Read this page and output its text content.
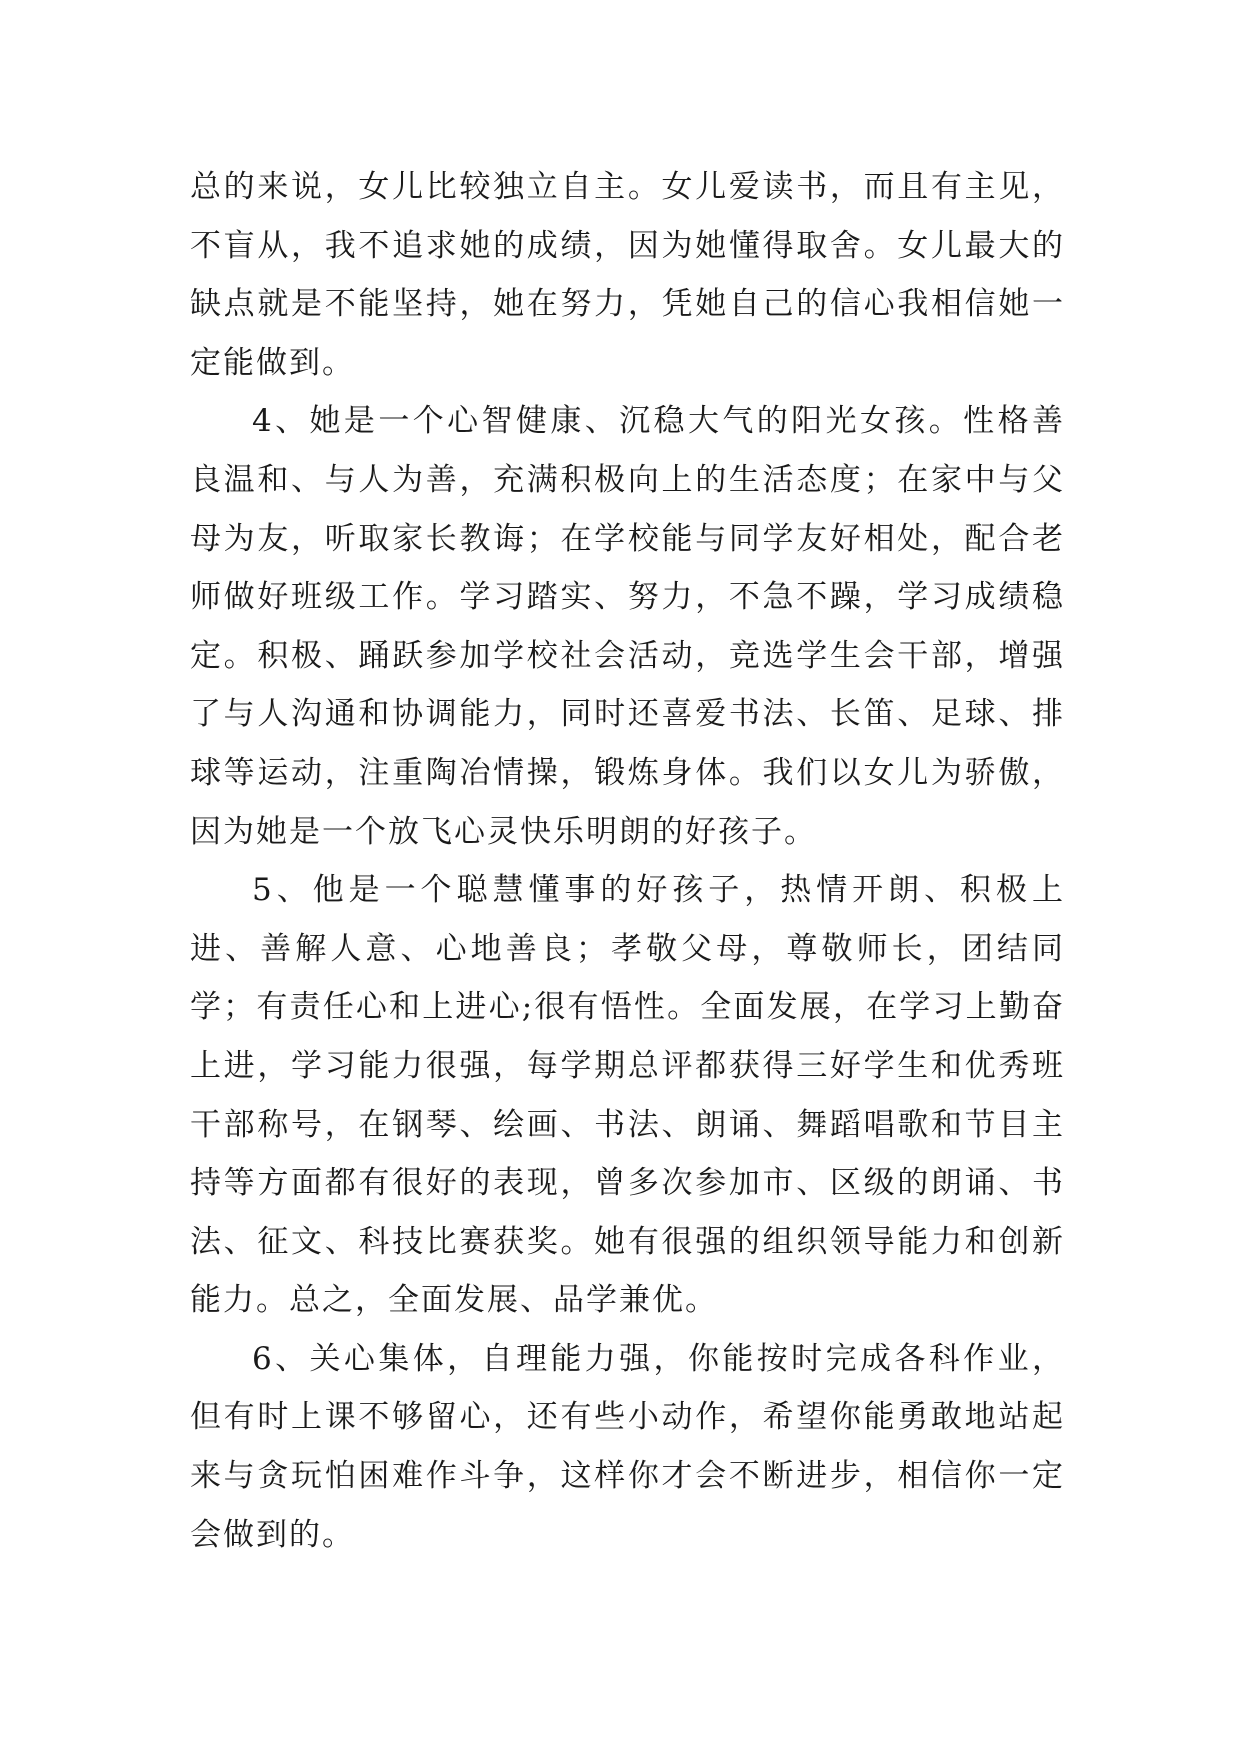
总的来说，女儿比较独立自主。女儿爱读书，而且有主见，不盲从，我不追求她的成绩，因为她懂得取舍。女儿最大的缺点就是不能坚持，她在努力，凭她自己的信心我相信她一定能做到。

4、她是一个心智健康、沉稳大气的阳光女孩。性格善良温和、与人为善，充满积极向上的生活态度；在家中与父母为友，听取家长教诲；在学校能与同学友好相处，配合老师做好班级工作。学习踏实、努力，不急不躁，学习成绩稳定。积极、踊跃参加学校社会活动，竞选学生会干部，增强了与人沟通和协调能力，同时还喜爱书法、长笛、足球、排球等运动，注重陶冶情操，锻炼身体。我们以女儿为骄傲，因为她是一个放飞心灵快乐明朗的好孩子。

5、他是一个聪慧懂事的好孩子，热情开朗、积极上进、善解人意、心地善良；孝敬父母，尊敬师长，团结同学；有责任心和上进心;很有悟性。全面发展，在学习上勤奋上进，学习能力很强，每学期总评都获得三好学生和优秀班干部称号，在钢琴、绘画、书法、朗诵、舞蹈唱歌和节目主持等方面都有很好的表现，曾多次参加市、区级的朗诵、书法、征文、科技比赛获奖。她有很强的组织领导能力和创新能力。总之，全面发展、品学兼优。

6、关心集体，自理能力强，你能按时完成各科作业，但有时上课不够留心，还有些小动作，希望你能勇敢地站起来与贪玩怕困难作斗争，这样你才会不断进步，相信你一定会做到的。
